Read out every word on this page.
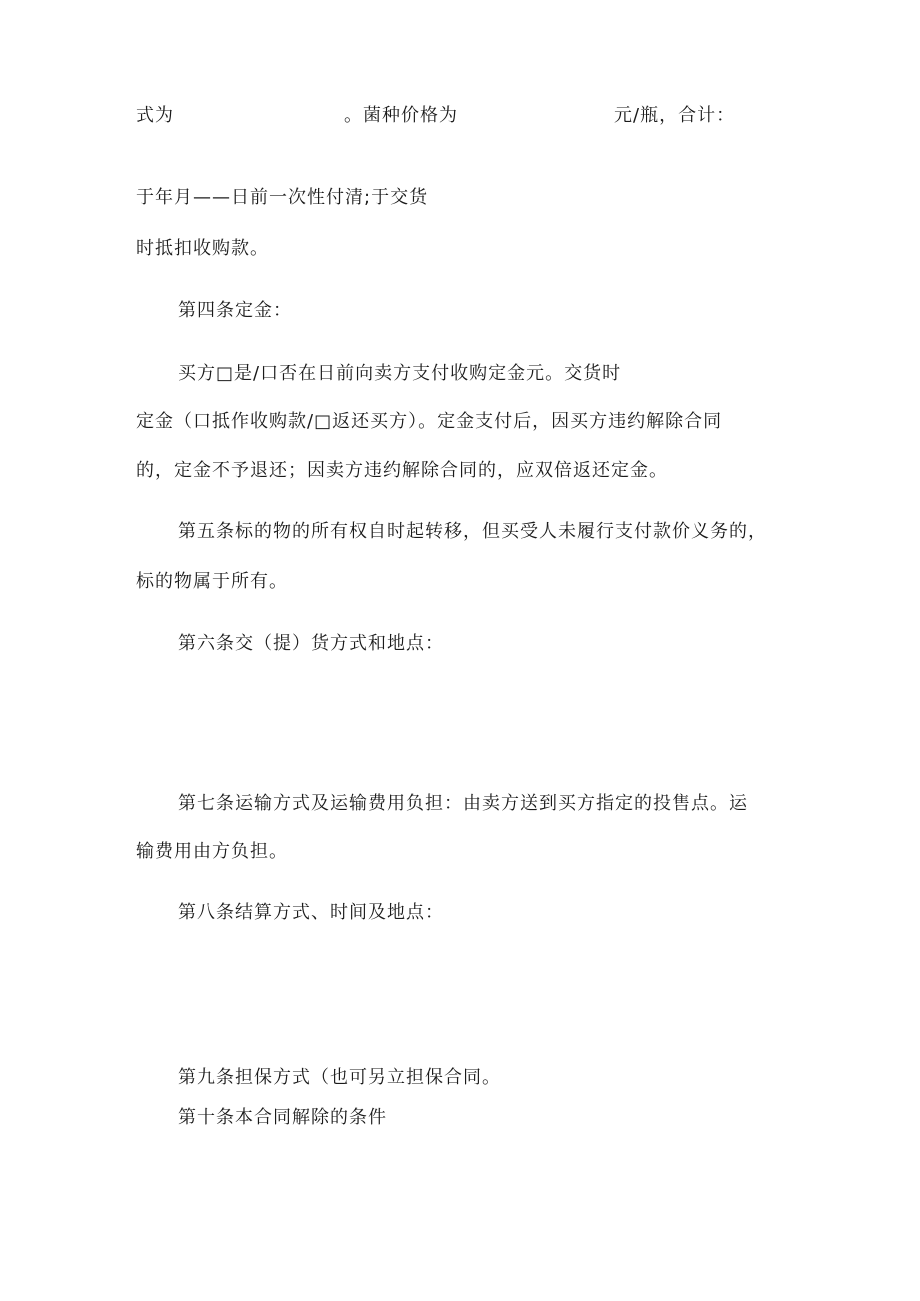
式为	。菌种价格为	元/瓶，合计：
于年月——日前一次性付清;于交货
时抵扣收购款。
第四条定金：
买方□是/口否在日前向卖方支付收购定金元。交货时
定金（口抵作收购款/□返还买方）。定金支付后，因买方违约解除合同
的，定金不予退还；因卖方违约解除合同的，应双倍返还定金。
第五条标的物的所有权自时起转移，但买受人未履行支付款价义务的，
标的物属于所有。
第六条交（提）货方式和地点：
第七条运输方式及运输费用负担：由卖方送到买方指定的投售点。运
输费用由方负担。
第八条结算方式、时间及地点：
第九条担保方式（也可另立担保合同。
第十条本合同解除的条件
